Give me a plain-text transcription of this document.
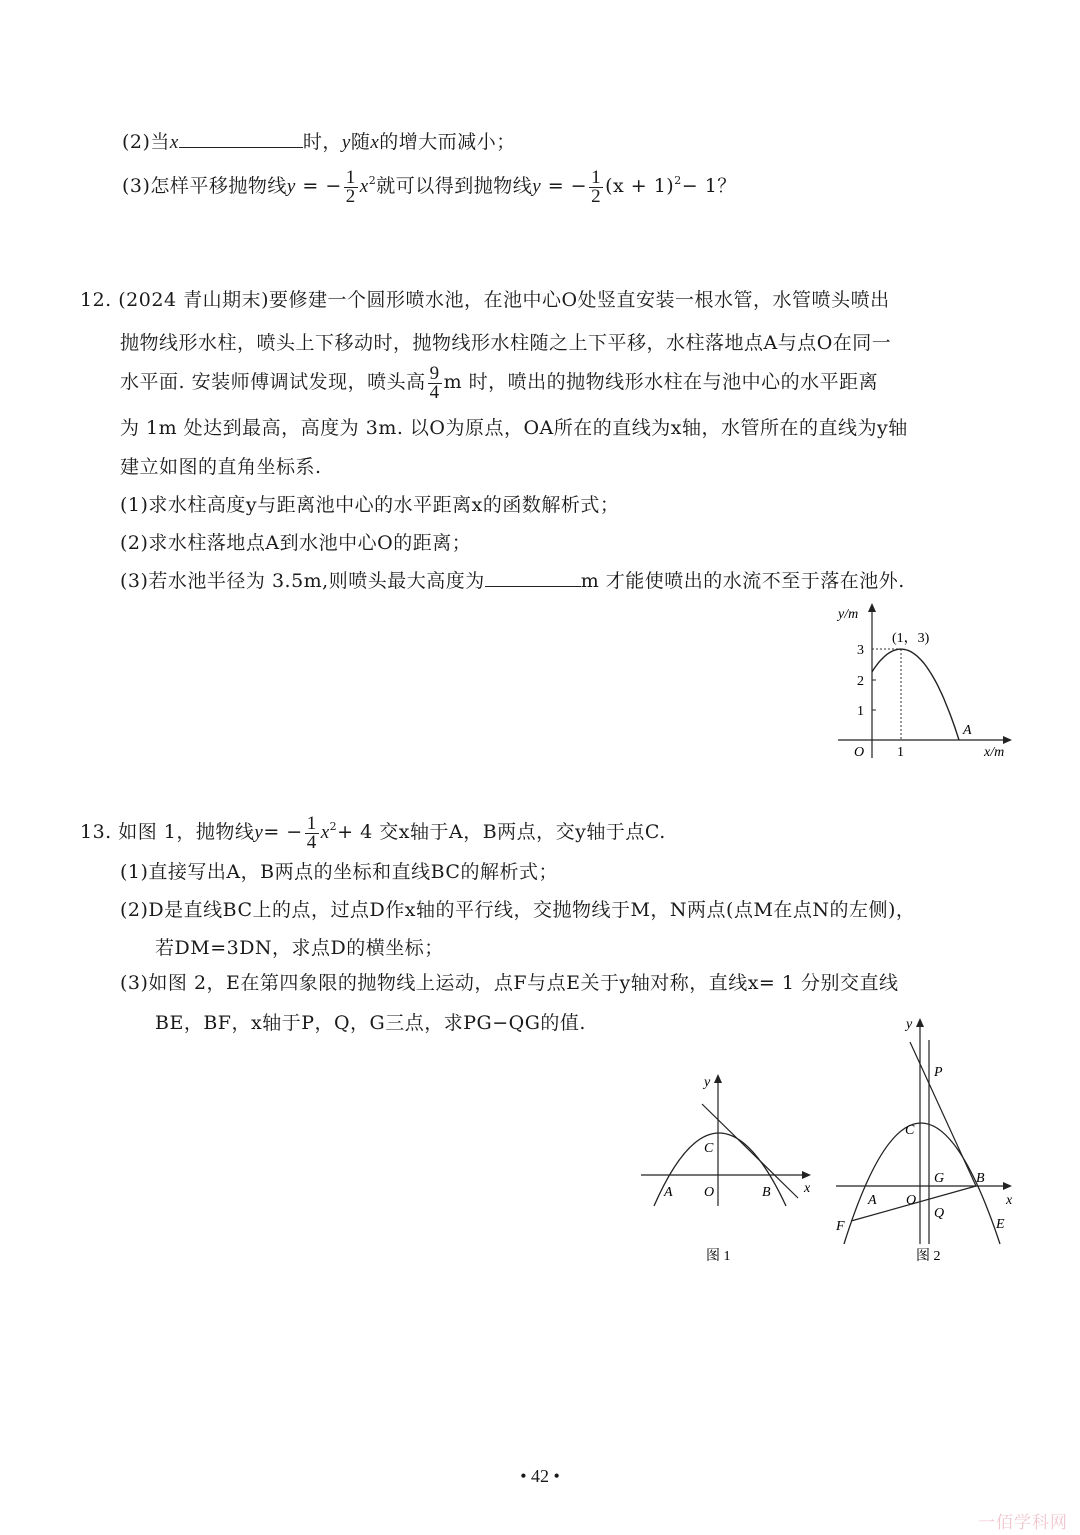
(2)当x	时，y随x的增大而减小；
(3)怎样平移抛物线y = − $\frac{1}{2} x^2$就可以得到抛物线y = − $\frac{1}{2} (x + 1)^2- 1$？
12. (2024 青山期末)要修建一个圆形喷水池，在池中心O处竖直安装一根水管，水管喷头喷出
抛物线形水柱，喷头上下移动时，抛物线形水柱随之上下平移，水柱落地点A与点O在同一
水平面. 安装师傅调试发现，喷头高 $\frac{9}{4}$ m 时，喷出的抛物线形水柱在与池中心的水平距离
为 1m 处达到最高，高度为 3m. 以O为原点，OA所在的直线为x轴，水管所在的直线为y轴
建立如图的直角坐标系.
(1)求水柱高度y与距离池中心的水平距离x的函数解析式；
(2)求水柱落地点A到水池中心O的距离；
(3)若水池半径为 3.5m,则喷头最大高度为	m 才能使喷出的水流不至于落在池外.
y/m
x/m
O
(1，3)
A
3
2
1
1
13. 如图 1，抛物线$y= - \frac{1}{4} x^2+ 4$ 交x轴于A，B两点，交y轴于点C.
(1)直接写出A，B两点的坐标和直线BC的解析式；
(2)D是直线BC上的点，过点D作x轴的平行线，交抛物线于M，N两点(点M在点N的左侧)，
若DM=3DN，求点D的横坐标；
(3)如图 2，E在第四象限的抛物线上运动，点F与点E关于y轴对称，直线x= 1 分别交直线
BE，BF，x轴于P，Q，G三点，求PG−QG的值.
y
x
C
A O	B
图 1
y
x
P
C
G B
A O
Q
E
F
图 2
• 42 •
一佰学科网
